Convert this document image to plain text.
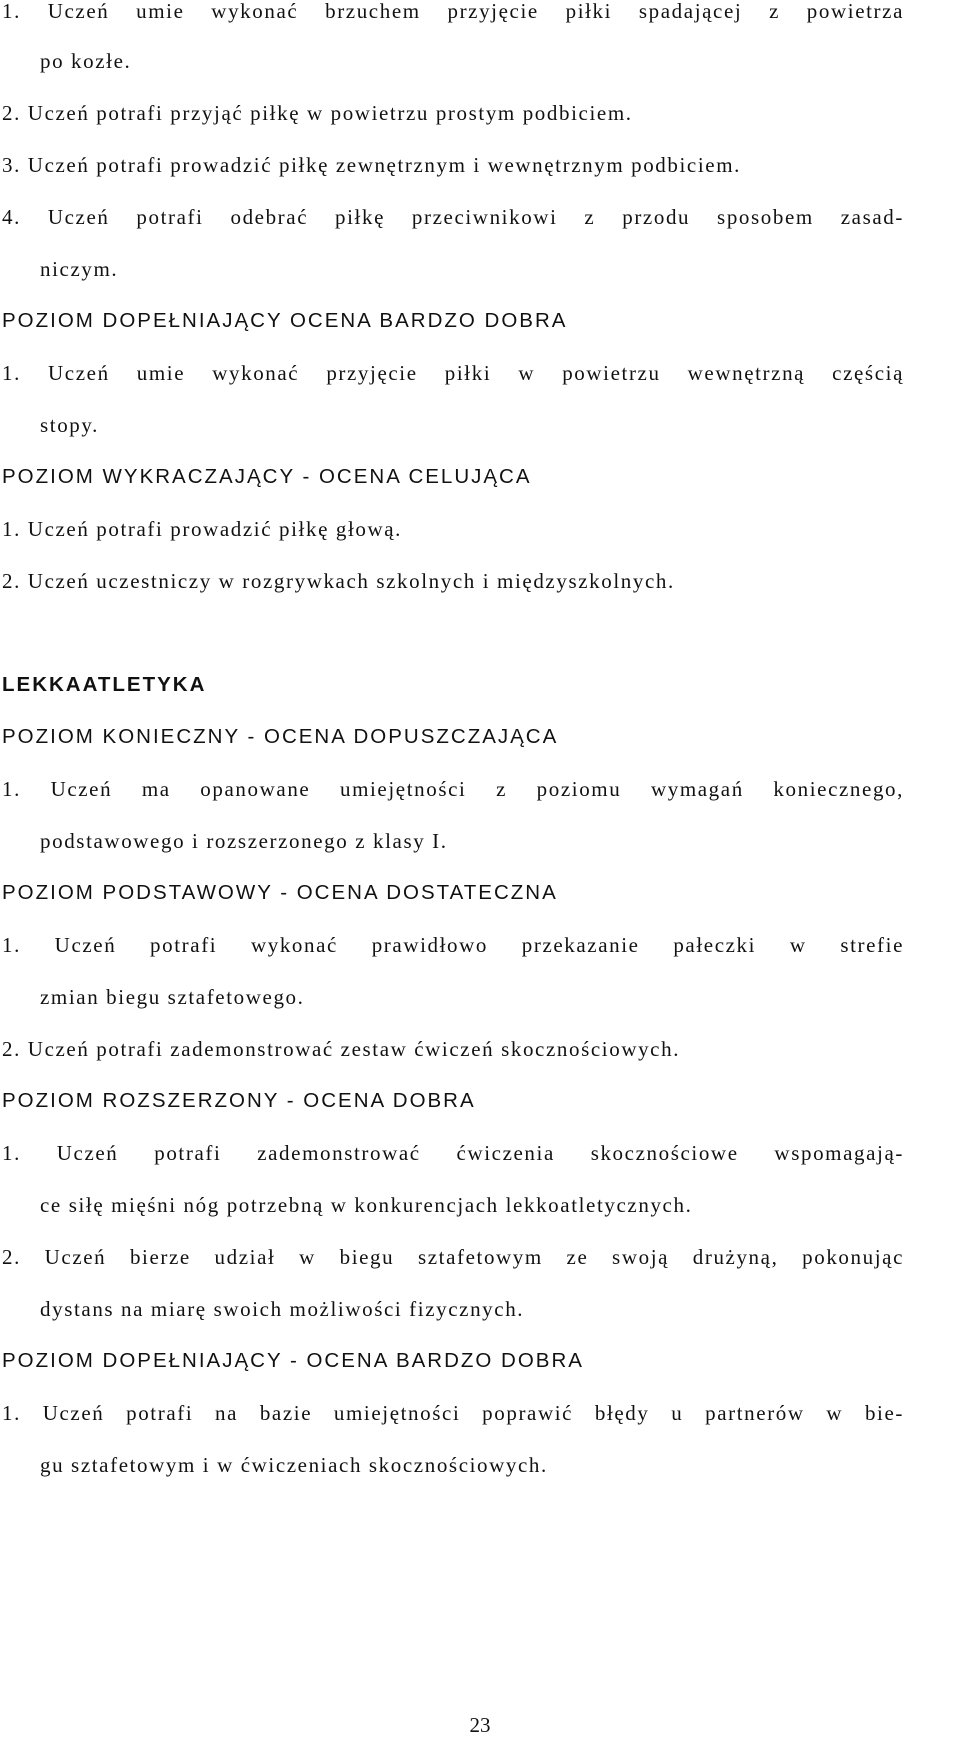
1. Uczeń umie wykonać brzuchem przyjęcie piłki spadającej z powietrza
po kozłe.
2. Uczeń potrafi przyjąć piłkę w powietrzu prostym podbiciem.
3. Uczeń potrafi prowadzić piłkę zewnętrznym i wewnętrznym podbiciem.
4. Uczeń potrafi odebrać piłkę przeciwnikowi z przodu sposobem zasad-
niczym.
POZIOM DOPEŁNIAJĄCY OCENA BARDZO DOBRA
1. Uczeń umie wykonać przyjęcie piłki w powietrzu wewnętrzną częścią
stopy.
POZIOM WYKRACZAJĄCY - OCENA CELUJĄCA
1. Uczeń potrafi prowadzić piłkę głową.
2. Uczeń uczestniczy w rozgrywkach szkolnych i międzyszkolnych.
LEKKAATLETYKA
POZIOM KONIECZNY - OCENA DOPUSZCZAJĄCA
1. Uczeń ma opanowane umiejętności z poziomu wymagań koniecznego,
podstawowego i rozszerzonego z klasy I.
POZIOM PODSTAWOWY - OCENA DOSTATECZNA
1. Uczeń potrafi wykonać prawidłowo przekazanie pałeczki w strefie
zmian biegu sztafetowego.
2. Uczeń potrafi zademonstrować zestaw ćwiczeń skocznościowych.
POZIOM ROZSZERZONY - OCENA DOBRA
1. Uczeń potrafi zademonstrować ćwiczenia skocznościowe wspomagają-
ce siłę mięśni nóg potrzebną w konkurencjach lekkoatletycznych.
2. Uczeń bierze udział w biegu sztafetowym ze swoją drużyną, pokonując
dystans na miarę swoich możliwości fizycznych.
POZIOM DOPEŁNIAJĄCY - OCENA BARDZO DOBRA
1. Uczeń potrafi na bazie umiejętności poprawić błędy u partnerów w bie-
gu sztafetowym i w ćwiczeniach skocznościowych.
23
